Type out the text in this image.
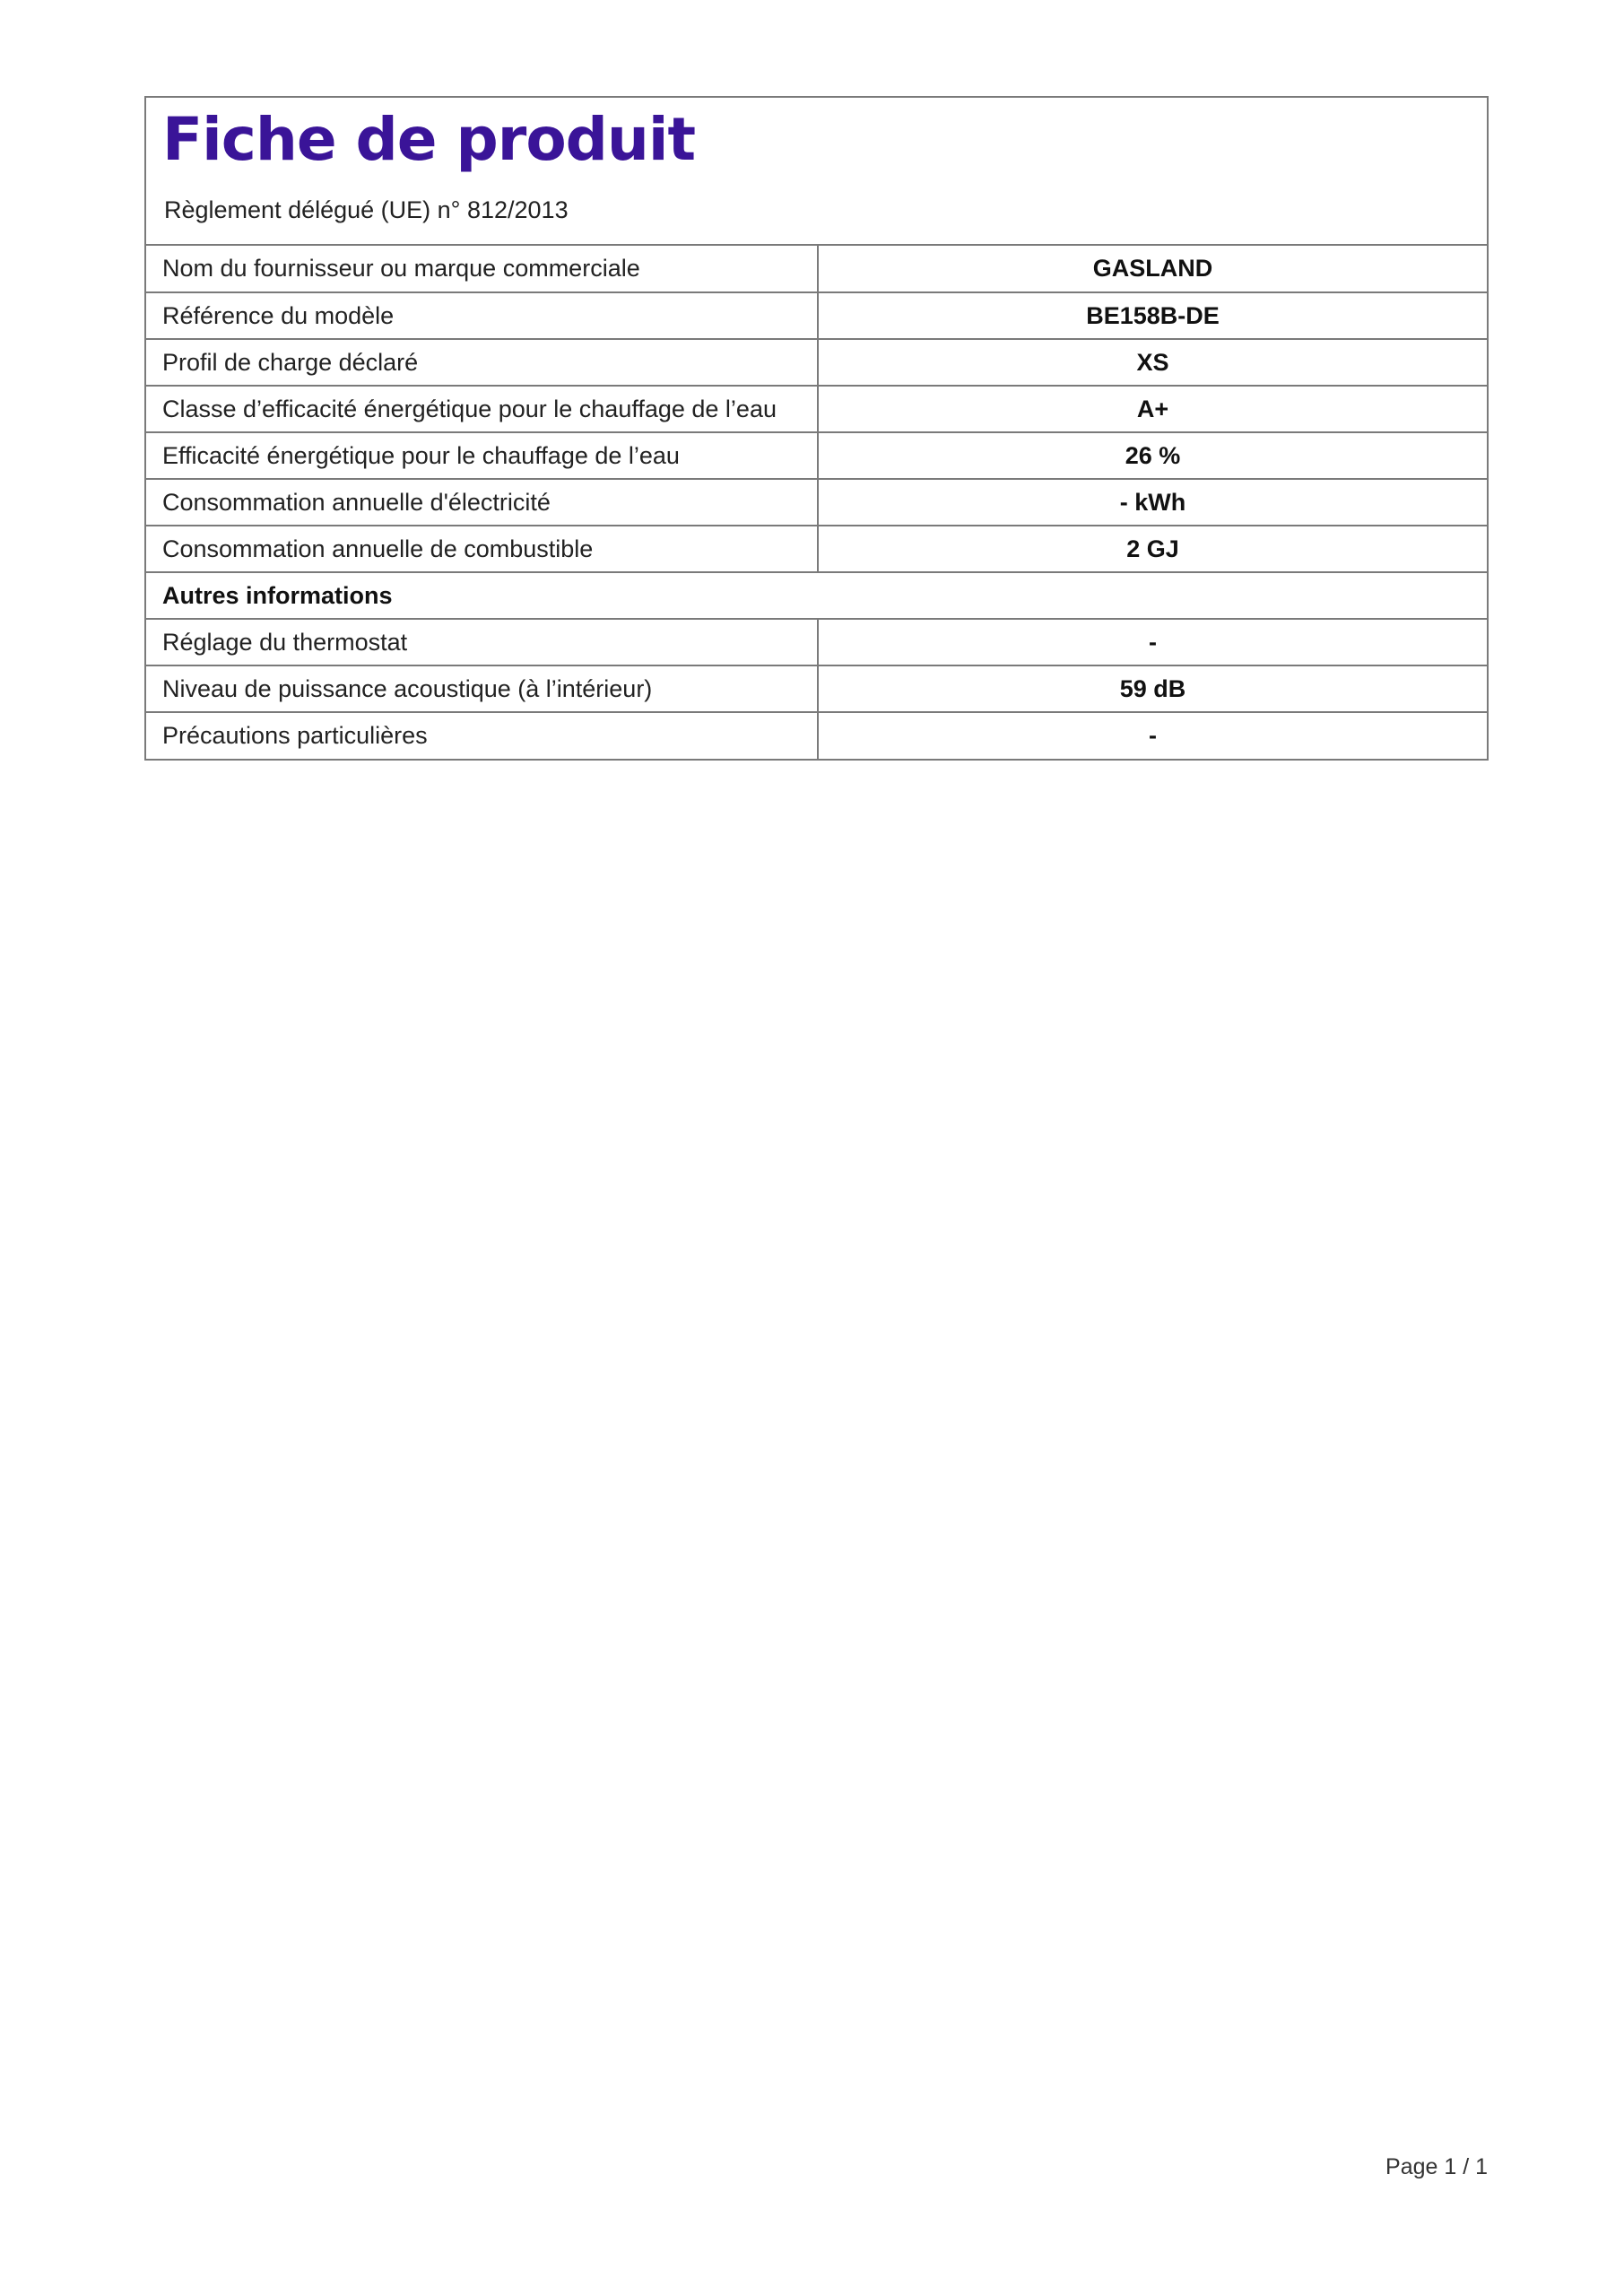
Fiche de produit

Règlement délégué (UE) n° 812/2013

Nom du fournisseur ou marque commerciale	GASLAND
Référence du modèle	BE158B-DE
Profil de charge déclaré	XS
Classe d’efficacité énergétique pour le chauffage de l’eau	A+
Efficacité énergétique pour le chauffage de l’eau	26 %
Consommation annuelle d'électricité	- kWh
Consommation annuelle de combustible	2 GJ
Autres informations	
Réglage du thermostat	-
Niveau de puissance acoustique (à l’intérieur)	59 dB
Précautions particulières	-
Page 1 / 1
